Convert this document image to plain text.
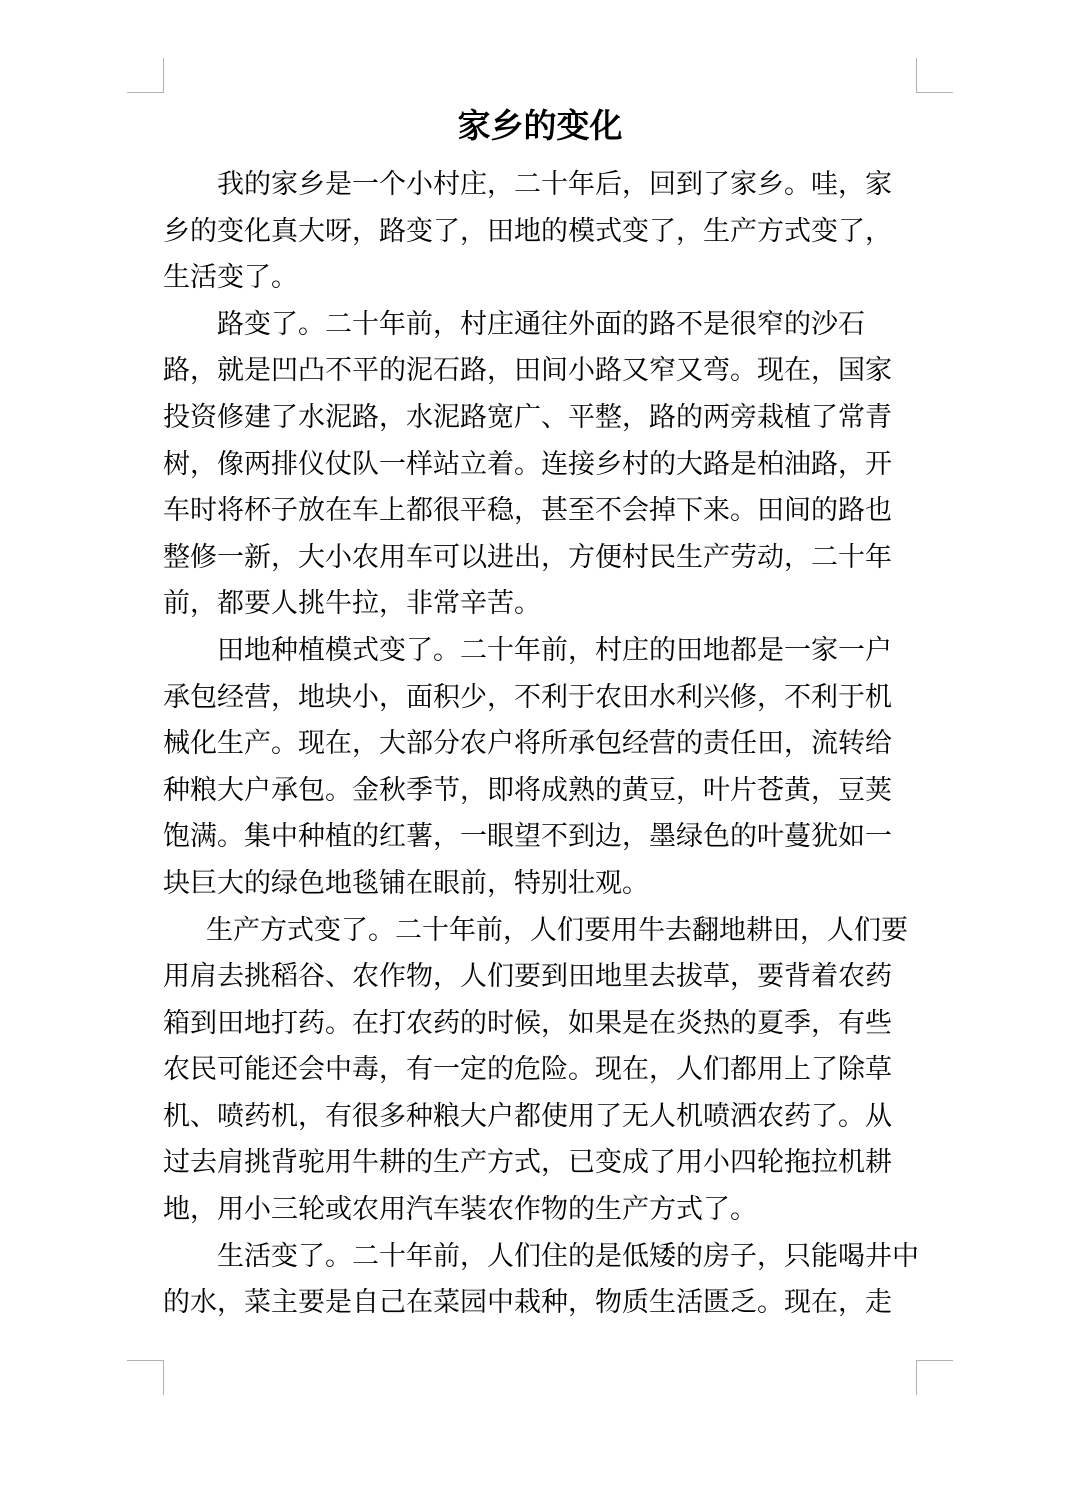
家乡的变化
我的家乡是一个小村庄，二十年后，回到了家乡。哇，家
乡的变化真大呀，路变了，田地的模式变了，生产方式变了，
生活变了。
路变了。二十年前，村庄通往外面的路不是很窄的沙石
路，就是凹凸不平的泥石路，田间小路又窄又弯。现在，国家
投资修建了水泥路，水泥路宽广、平整，路的两旁栽植了常青
树，像两排仪仗队一样站立着。连接乡村的大路是柏油路，开
车时将杯子放在车上都很平稳，甚至不会掉下来。田间的路也
整修一新，大小农用车可以进出，方便村民生产劳动，二十年
前，都要人挑牛拉，非常辛苦。
田地种植模式变了。二十年前，村庄的田地都是一家一户
承包经营，地块小，面积少，不利于农田水利兴修，不利于机
械化生产。现在，大部分农户将所承包经营的责任田，流转给
种粮大户承包。金秋季节，即将成熟的黄豆，叶片苍黄，豆荚
饱满。集中种植的红薯，一眼望不到边，墨绿色的叶蔓犹如一
块巨大的绿色地毯铺在眼前，特别壮观。
生产方式变了。二十年前，人们要用牛去翻地耕田，人们要
用肩去挑稻谷、农作物，人们要到田地里去拔草，要背着农药
箱到田地打药。在打农药的时候，如果是在炎热的夏季，有些
农民可能还会中毒，有一定的危险。现在，人们都用上了除草
机、喷药机，有很多种粮大户都使用了无人机喷洒农药了。从
过去肩挑背驼用牛耕的生产方式，已变成了用小四轮拖拉机耕
地，用小三轮或农用汽车装农作物的生产方式了。
生活变了。二十年前，人们住的是低矮的房子，只能喝井中
的水，菜主要是自己在菜园中栽种，物质生活匮乏。现在，走
